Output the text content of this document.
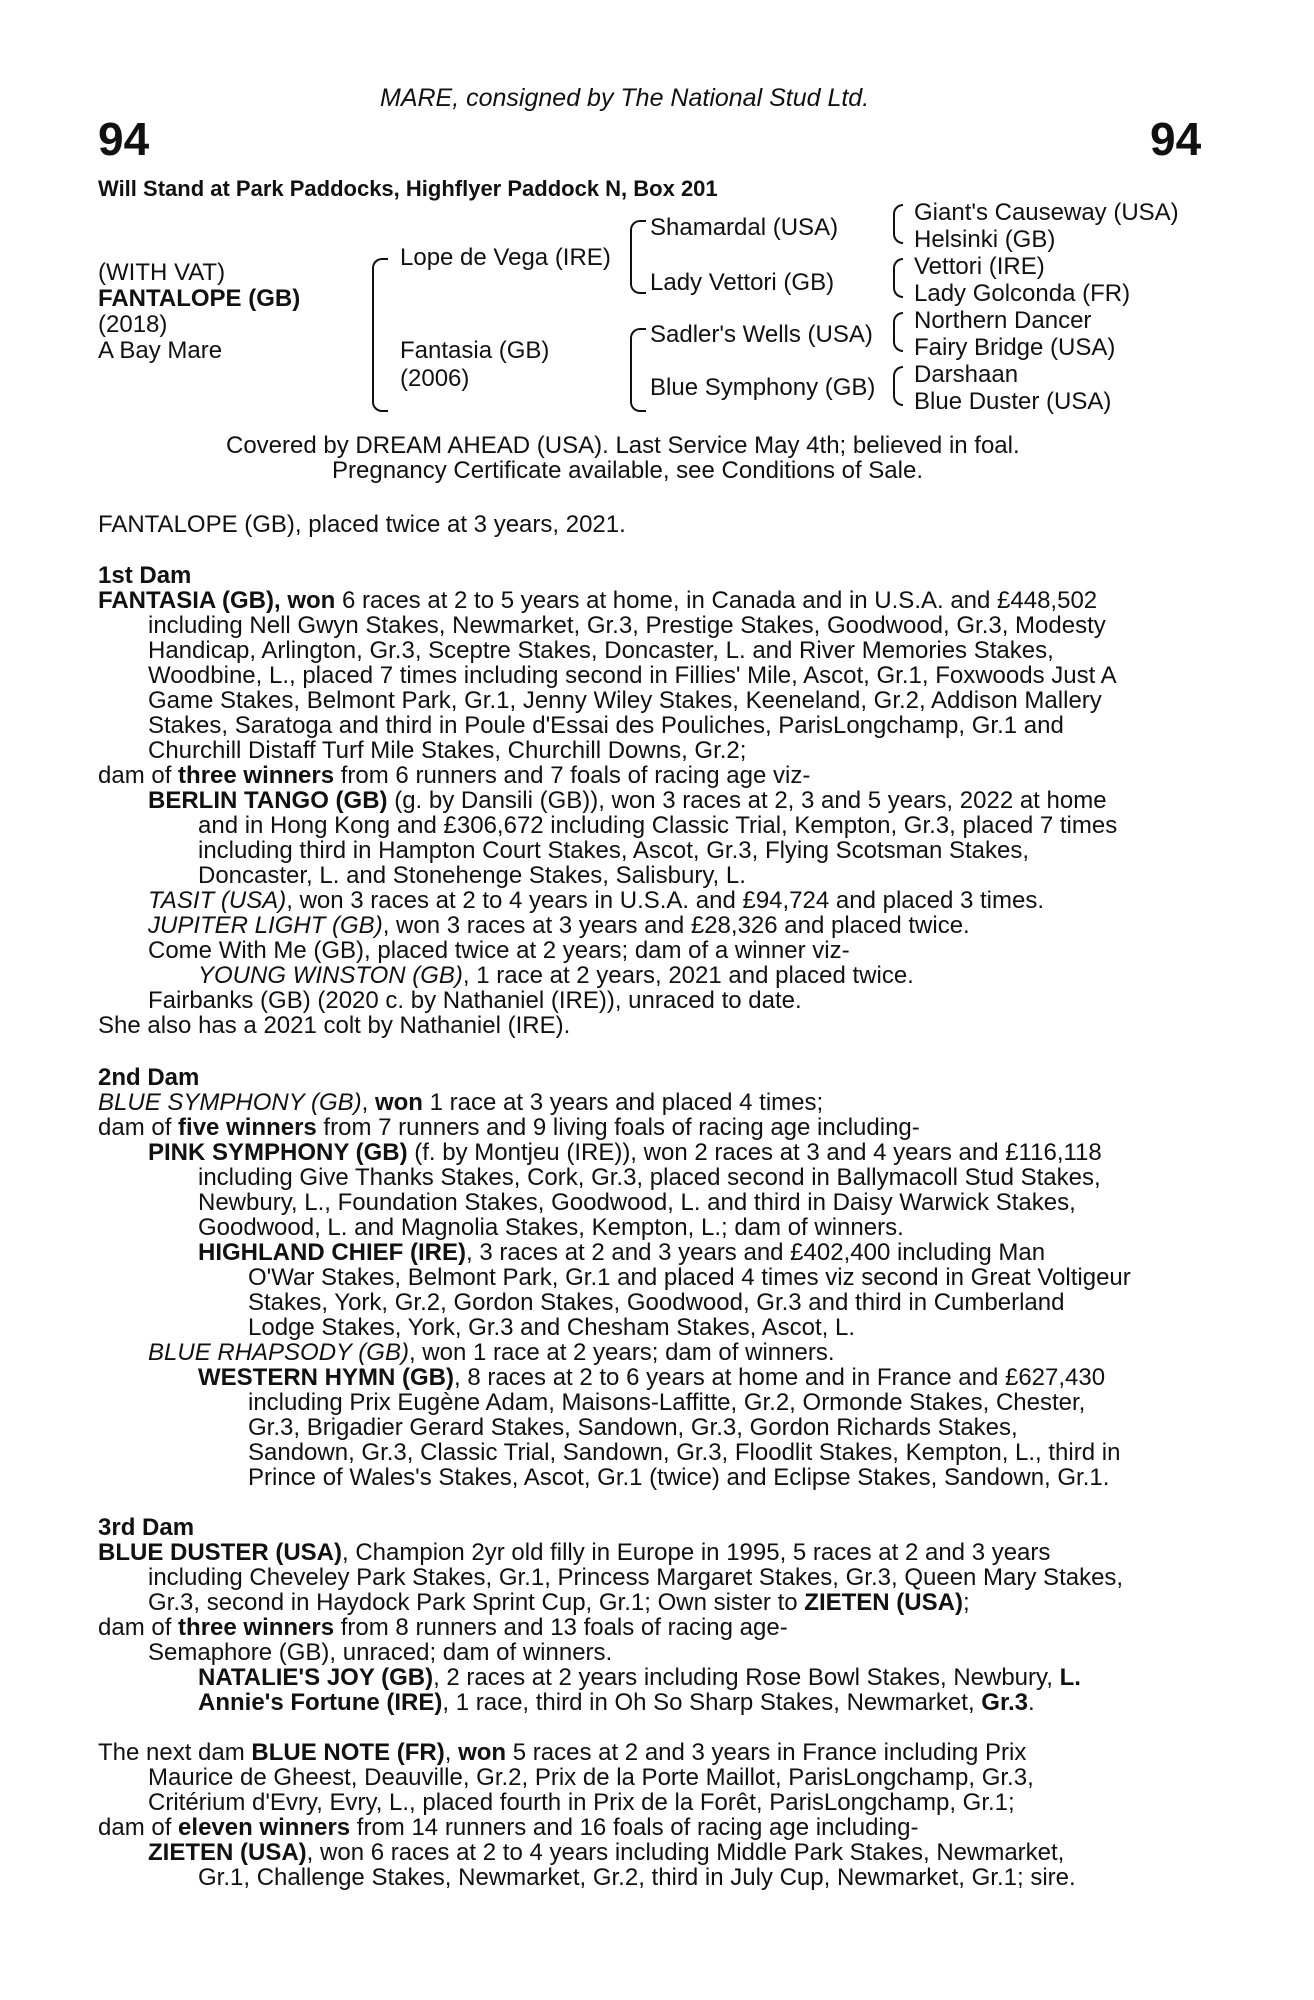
MARE, consigned by The National Stud Ltd.
94	94
Will Stand at Park Paddocks, Highflyer Paddock N, Box 201
(WITH VAT)
FANTALOPE (GB)
(2018)
A Bay Mare
Lope de Vega (IRE)
Fantasia (GB)
(2006)
Shamardal (USA)
Lady Vettori (GB)
Sadler's Wells (USA)
Blue Symphony (GB)
Giant's Causeway (USA)
Helsinki (GB)
Vettori (IRE)
Lady Golconda (FR)
Northern Dancer
Fairy Bridge (USA)
Darshaan
Blue Duster (USA)
Covered by DREAM AHEAD (USA). Last Service May 4th; believed in foal.
Pregnancy Certificate available, see Conditions of Sale.
FANTALOPE (GB), placed twice at 3 years, 2021.
1st Dam
FANTASIA (GB), won 6 races at 2 to 5 years at home, in Canada and in U.S.A. and £448,502
including Nell Gwyn Stakes, Newmarket, Gr.3, Prestige Stakes, Goodwood, Gr.3, Modesty
Handicap, Arlington, Gr.3, Sceptre Stakes, Doncaster, L. and River Memories Stakes,
Woodbine, L., placed 7 times including second in Fillies' Mile, Ascot, Gr.1, Foxwoods Just A
Game Stakes, Belmont Park, Gr.1, Jenny Wiley Stakes, Keeneland, Gr.2, Addison Mallery
Stakes, Saratoga and third in Poule d'Essai des Pouliches, ParisLongchamp, Gr.1 and
Churchill Distaff Turf Mile Stakes, Churchill Downs, Gr.2;
dam of three winners from 6 runners and 7 foals of racing age viz-
BERLIN TANGO (GB) (g. by Dansili (GB)), won 3 races at 2, 3 and 5 years, 2022 at home
and in Hong Kong and £306,672 including Classic Trial, Kempton, Gr.3, placed 7 times
including third in Hampton Court Stakes, Ascot, Gr.3, Flying Scotsman Stakes,
Doncaster, L. and Stonehenge Stakes, Salisbury, L.
TASIT (USA), won 3 races at 2 to 4 years in U.S.A. and £94,724 and placed 3 times.
JUPITER LIGHT (GB), won 3 races at 3 years and £28,326 and placed twice.
Come With Me (GB), placed twice at 2 years; dam of a winner viz-
YOUNG WINSTON (GB), 1 race at 2 years, 2021 and placed twice.
Fairbanks (GB) (2020 c. by Nathaniel (IRE)), unraced to date.
She also has a 2021 colt by Nathaniel (IRE).
2nd Dam
BLUE SYMPHONY (GB), won 1 race at 3 years and placed 4 times;
dam of five winners from 7 runners and 9 living foals of racing age including-
PINK SYMPHONY (GB) (f. by Montjeu (IRE)), won 2 races at 3 and 4 years and £116,118
including Give Thanks Stakes, Cork, Gr.3, placed second in Ballymacoll Stud Stakes,
Newbury, L., Foundation Stakes, Goodwood, L. and third in Daisy Warwick Stakes,
Goodwood, L. and Magnolia Stakes, Kempton, L.; dam of winners.
HIGHLAND CHIEF (IRE), 3 races at 2 and 3 years and £402,400 including Man
O'War Stakes, Belmont Park, Gr.1 and placed 4 times viz second in Great Voltigeur
Stakes, York, Gr.2, Gordon Stakes, Goodwood, Gr.3 and third in Cumberland
Lodge Stakes, York, Gr.3 and Chesham Stakes, Ascot, L.
BLUE RHAPSODY (GB), won 1 race at 2 years; dam of winners.
WESTERN HYMN (GB), 8 races at 2 to 6 years at home and in France and £627,430
including Prix Eugène Adam, Maisons-Laffitte, Gr.2, Ormonde Stakes, Chester,
Gr.3, Brigadier Gerard Stakes, Sandown, Gr.3, Gordon Richards Stakes,
Sandown, Gr.3, Classic Trial, Sandown, Gr.3, Floodlit Stakes, Kempton, L., third in
Prince of Wales's Stakes, Ascot, Gr.1 (twice) and Eclipse Stakes, Sandown, Gr.1.
3rd Dam
BLUE DUSTER (USA), Champion 2yr old filly in Europe in 1995, 5 races at 2 and 3 years
including Cheveley Park Stakes, Gr.1, Princess Margaret Stakes, Gr.3, Queen Mary Stakes,
Gr.3, second in Haydock Park Sprint Cup, Gr.1; Own sister to ZIETEN (USA);
dam of three winners from 8 runners and 13 foals of racing age-
Semaphore (GB), unraced; dam of winners.
NATALIE'S JOY (GB), 2 races at 2 years including Rose Bowl Stakes, Newbury, L.
Annie's Fortune (IRE), 1 race, third in Oh So Sharp Stakes, Newmarket, Gr.3.
The next dam BLUE NOTE (FR), won 5 races at 2 and 3 years in France including Prix
Maurice de Gheest, Deauville, Gr.2, Prix de la Porte Maillot, ParisLongchamp, Gr.3,
Critérium d'Evry, Evry, L., placed fourth in Prix de la Forêt, ParisLongchamp, Gr.1;
dam of eleven winners from 14 runners and 16 foals of racing age including-
ZIETEN (USA), won 6 races at 2 to 4 years including Middle Park Stakes, Newmarket,
Gr.1, Challenge Stakes, Newmarket, Gr.2, third in July Cup, Newmarket, Gr.1; sire.
